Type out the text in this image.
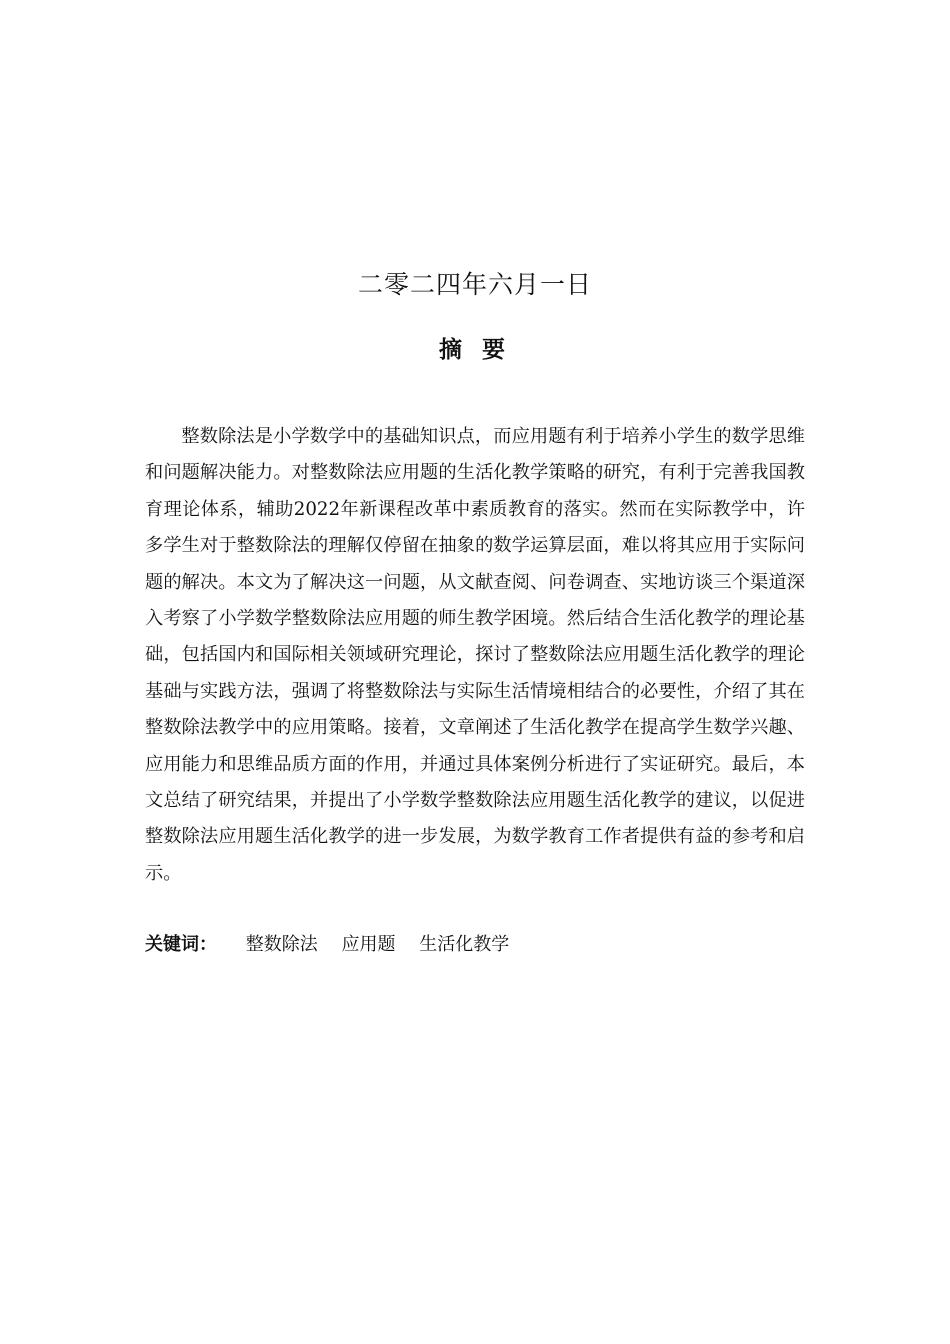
二零二四年六月一日
摘 要

整数除法是小学数学中的基础知识点，而应用题有利于培养小学生的数学思维和问题解决能力。对整数除法应用题的生活化教学策略的研究，有利于完善我国教育理论体系，辅助2022年新课程改革中素质教育的落实。然而在实际教学中，许多学生对于整数除法的理解仅停留在抽象的数学运算层面，难以将其应用于实际问题的解决。本文为了解决这一问题，从文献查阅、问卷调查、实地访谈三个渠道深入考察了小学数学整数除法应用题的师生教学困境。然后结合生活化教学的理论基础，包括国内和国际相关领域研究理论，探讨了整数除法应用题生活化教学的理论基础与实践方法，强调了将整数除法与实际生活情境相结合的必要性，介绍了其在整数除法教学中的应用策略。接着，文章阐述了生活化教学在提高学生数学兴趣、应用能力和思维品质方面的作用，并通过具体案例分析进行了实证研究。最后，本文总结了研究结果，并提出了小学数学整数除法应用题生活化教学的建议，以促进整数除法应用题生活化教学的进一步发展，为数学教育工作者提供有益的参考和启示。

关键词： 整数除法 应用题 生活化教学
